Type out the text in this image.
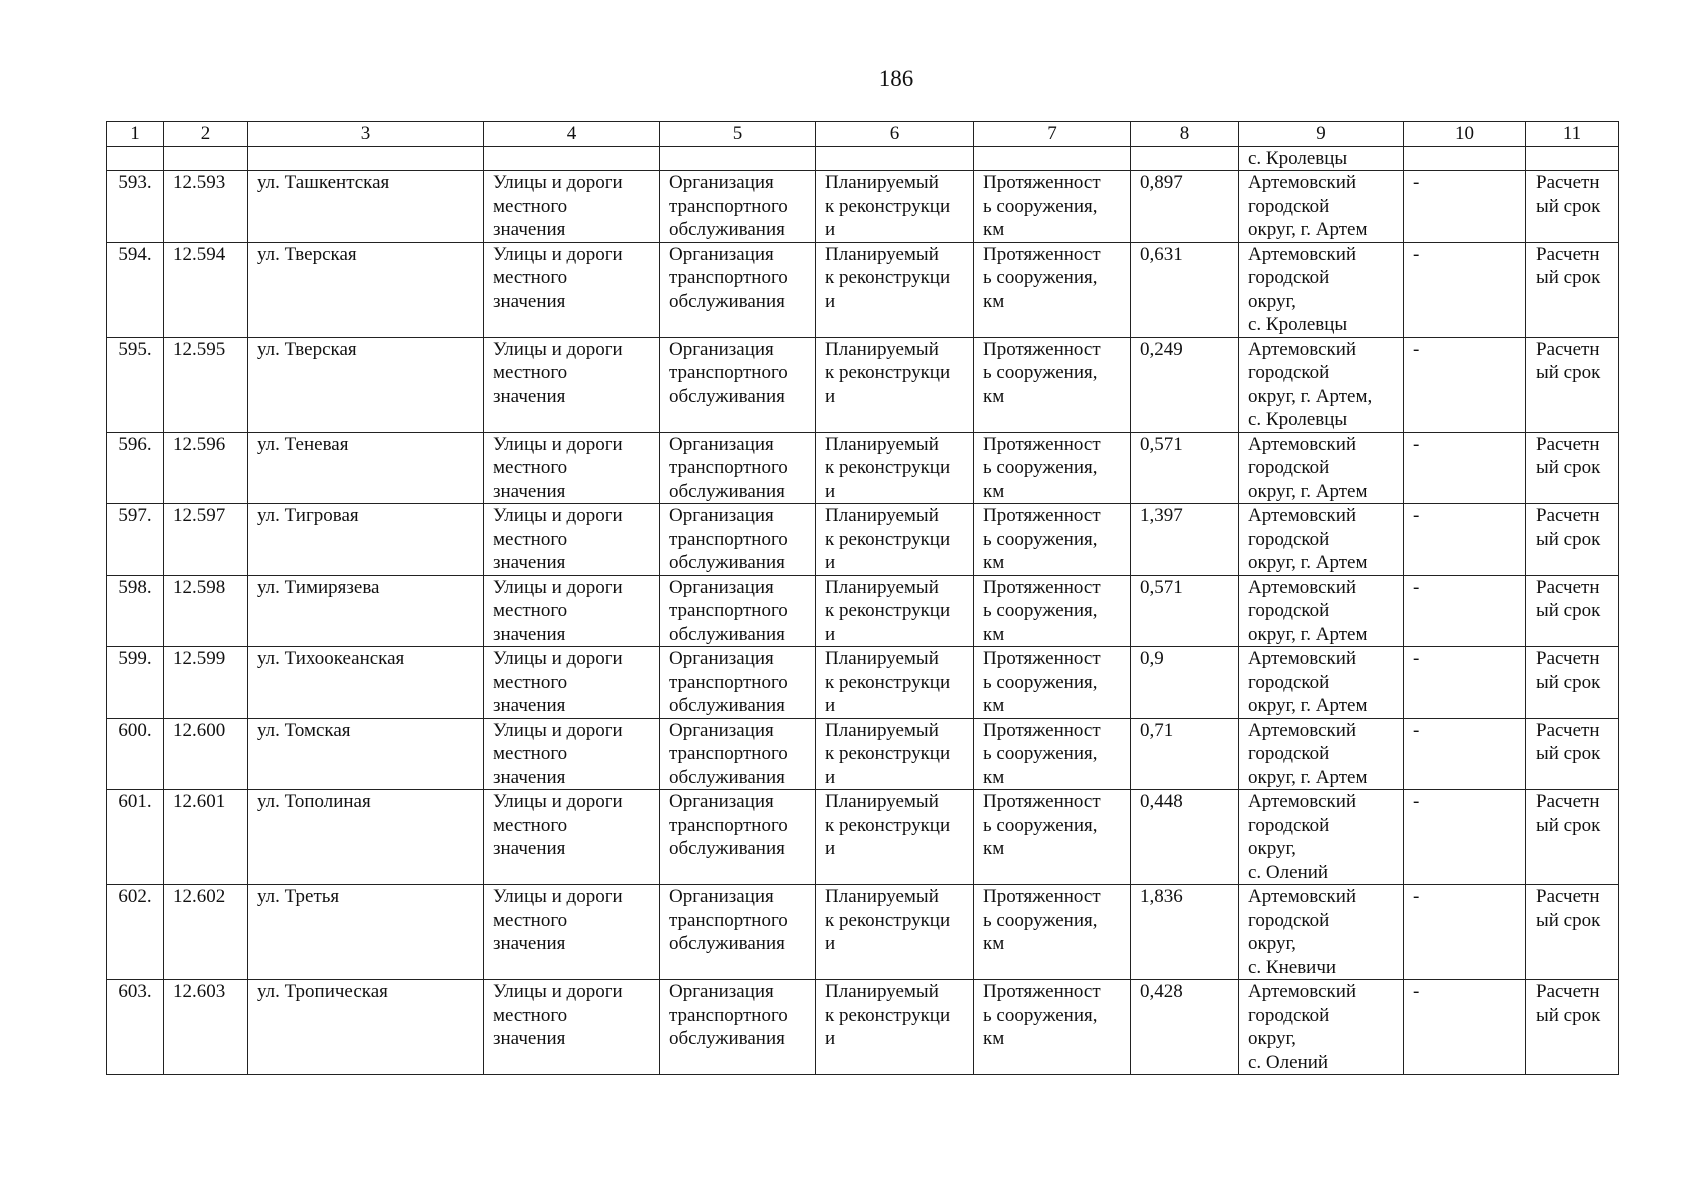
186
1	2	3	4	5	6	7	8	9	10	11
								с. Кролевцы		
593.	12.593	ул. Ташкентская	Улицы и дороги
местного
значения	Организация
транспортного
обслуживания	Планируемый
к реконструкци
и	Протяженност
ь сооружения,
км	0,897	Артемовский
городской
округ, г. Артем	-	Расчетн
ый срок
594.	12.594	ул. Тверская	Улицы и дороги
местного
значения	Организация
транспортного
обслуживания	Планируемый
к реконструкци
и	Протяженност
ь сооружения,
км	0,631	Артемовский
городской
округ,
с. Кролевцы	-	Расчетн
ый срок
595.	12.595	ул. Тверская	Улицы и дороги
местного
значения	Организация
транспортного
обслуживания	Планируемый
к реконструкци
и	Протяженност
ь сооружения,
км	0,249	Артемовский
городской
округ, г. Артем,
с. Кролевцы	-	Расчетн
ый срок
596.	12.596	ул. Теневая	Улицы и дороги
местного
значения	Организация
транспортного
обслуживания	Планируемый
к реконструкци
и	Протяженност
ь сооружения,
км	0,571	Артемовский
городской
округ, г. Артем	-	Расчетн
ый срок
597.	12.597	ул. Тигровая	Улицы и дороги
местного
значения	Организация
транспортного
обслуживания	Планируемый
к реконструкци
и	Протяженност
ь сооружения,
км	1,397	Артемовский
городской
округ, г. Артем	-	Расчетн
ый срок
598.	12.598	ул. Тимирязева	Улицы и дороги
местного
значения	Организация
транспортного
обслуживания	Планируемый
к реконструкци
и	Протяженност
ь сооружения,
км	0,571	Артемовский
городской
округ, г. Артем	-	Расчетн
ый срок
599.	12.599	ул. Тихоокеанская	Улицы и дороги
местного
значения	Организация
транспортного
обслуживания	Планируемый
к реконструкци
и	Протяженност
ь сооружения,
км	0,9	Артемовский
городской
округ, г. Артем	-	Расчетн
ый срок
600.	12.600	ул. Томская	Улицы и дороги
местного
значения	Организация
транспортного
обслуживания	Планируемый
к реконструкци
и	Протяженност
ь сооружения,
км	0,71	Артемовский
городской
округ, г. Артем	-	Расчетн
ый срок
601.	12.601	ул. Тополиная	Улицы и дороги
местного
значения	Организация
транспортного
обслуживания	Планируемый
к реконструкци
и	Протяженност
ь сооружения,
км	0,448	Артемовский
городской
округ,
с. Олений	-	Расчетн
ый срок
602.	12.602	ул. Третья	Улицы и дороги
местного
значения	Организация
транспортного
обслуживания	Планируемый
к реконструкци
и	Протяженност
ь сооружения,
км	1,836	Артемовский
городской
округ,
с. Кневичи	-	Расчетн
ый срок
603.	12.603	ул. Тропическая	Улицы и дороги
местного
значения	Организация
транспортного
обслуживания	Планируемый
к реконструкци
и	Протяженност
ь сооружения,
км	0,428	Артемовский
городской
округ,
с. Олений	-	Расчетн
ый срок
